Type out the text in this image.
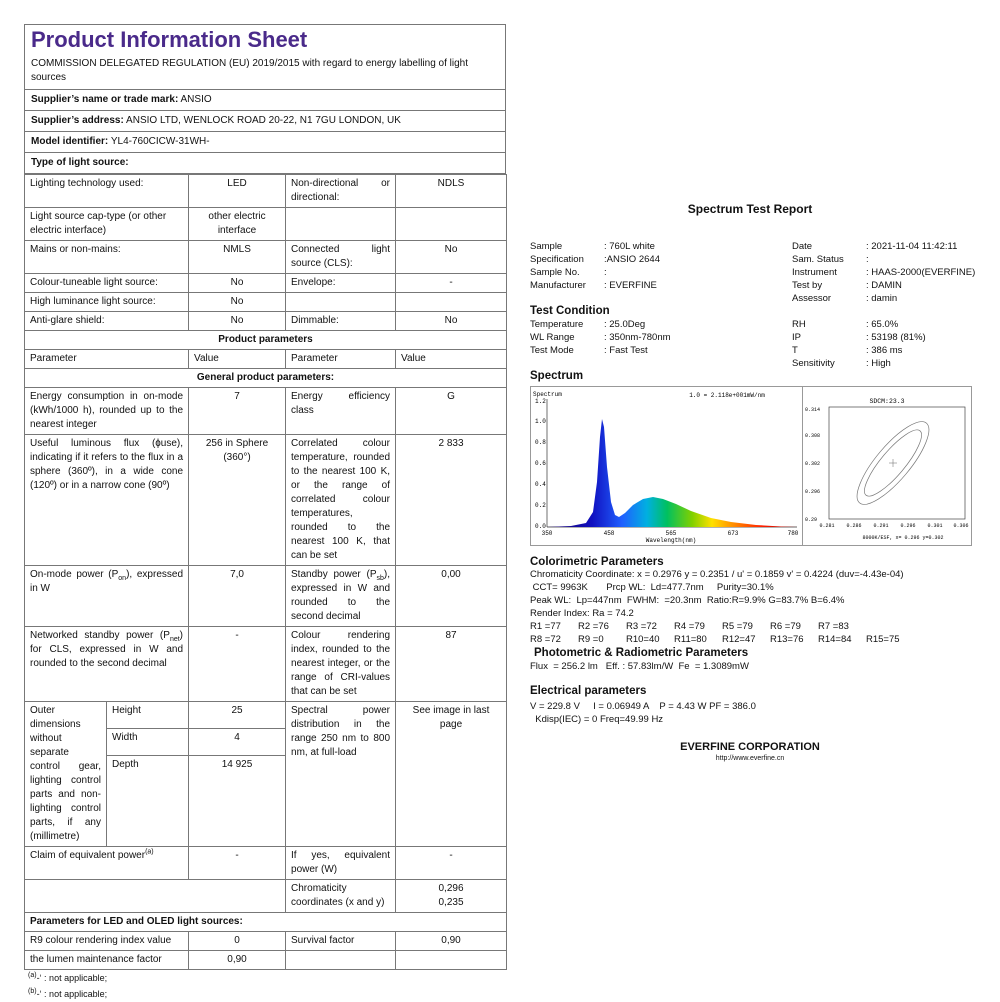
Product Information Sheet
COMMISSION DELEGATED REGULATION (EU) 2019/2015 with regard to energy labelling of light sources
Supplier’s name or trade mark: ANSIO
Supplier’s address: ANSIO LTD, WENLOCK ROAD 20-22, N1 7GU LONDON, UK
Model identifier: YL4-760CICW-31WH-
Type of light source:
Lighting technology used:		LED	Non-directional or directional:	NDLS
Light source cap-type (or other electric interface)		other electric interface		
Mains or non-mains:		NMLS	Connected light source (CLS):	No
Colour-tuneable light source:		No	Envelope:	-
High luminance light source:		No		
Anti-glare shield:		No	Dimmable:	No
Product parameters				
Parameter		Value	Parameter	Value
General product parameters:				
Energy consumption in on-mode (kWh/1000 h), rounded up to the nearest integer		7	Energy efficiency class	G
Useful luminous flux (ɸuse), indicating if it refers to the flux in a sphere (360º), in a wide cone (120º) or in a narrow cone (90º)		256 in Sphere (360°)	Correlated colour temperature, rounded to the nearest 100 K, or the range of correlated colour temperatures, rounded to the nearest 100 K, that can be set	2 833
On-mode power $(P_{on})$, expressed in W		7,0	Standby power $(P_{sb})$, expressed in W and rounded to the second decimal	0,00
Networked standby power $(P_{net})$ for CLS, expressed in W and rounded to the second decimal		-	Colour rendering index, rounded to the nearest integer, or the range of CRI-values that can be set	87
Outer dimensions without separate control gear, lighting control parts and non-lighting control parts, if any (millimetre)	Height	25	Spectral power distribution in the range 250 nm to 800 nm, at full-load	See image in last page
	Width	4		
	Depth	14 925		
Claim of equivalent power$^{(a)}$		-	If yes, equivalent power (W)	-
			Chromaticity coordinates (x and y)	0,296
0,235

Parameters for LED and OLED light sources:				
R9 colour rendering index value		0	Survival factor	0,90
the lumen maintenance factor		0,90		
$^{(a)}$-‘ : not applicable;
$^{(b)}$-‘ : not applicable;
Spectrum Test Report
Sample	: 760L white
Specification :ANSIO 2644
Sample No.	:
Manufacturer : EVERFINE
Date	: 2021-11-04 11:42:11
Sam. Status :
Instrument	: HAAS-2000(EVERFINE)
Test by	: DAMIN
Assessor	: damin
Test Condition
Temperature : 25.0Deg
WL Range	: 350nm-780nm
Test Mode	: Fast Test
RH	: 65.0%
IP	: 53198 (81%)
T	: 386 ms
Sensitivity	: High
Spectrum
Spectrum	1.0 = 2.118e+001mW/nm
1.2
1.0
0.8
0.6
0.4
0.2
0.0
350	458	565	673	780
Wavelength(nm)
SDCM:23.3
0.314
0.308
0.302
0.296
0.29
0.281 0.286 0.291 0.296 0.301 0.306
8000K/ESF, x= 0.296 y=0.302
Colorimetric Parameters
Chromaticity Coordinate: x = 0.2976 y = 0.2351 / u' = 0.1859 v' = 0.4224 (duv=-4.43e-04)
CCT= 9963K       Prcp WL:  Ld=477.7nm     Purity=30.1%
Peak WL:  Lp=447nm  FWHM:  =20.3nm  Ratio:R=9.9% G=83.7% B=6.4%
Render Index: Ra = 74.2
R1 =77 R2 =76 R3 =72 R4 =79 R5 =79 R6 =79 R7 =83
R8 =72 R9 =0 R10=40 R11=80 R12=47 R13=76 R14=84 R15=75
Photometric & Radiometric Parameters
Flux  = 256.2 lm   Eff. : 57.83lm/W  Fe  = 1.3089mW
Electrical parameters
V = 229.8 V     I = 0.06949 A    P = 4.43 W PF = 386.0
Kdisp(IEC) = 0 Freq=49.99 Hz
EVERFINE CORPORATION
http://www.everfine.cn
